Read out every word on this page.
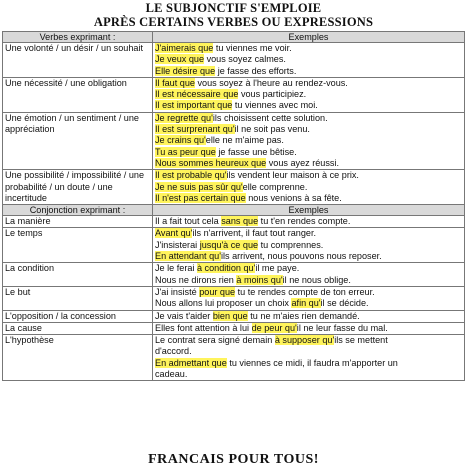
LE SUBJONCTIF S'EMPLOIE
APRÈS CERTAINS VERBES OU EXPRESSIONS
Verbes exprimant :	Exemples
Une volonté / un désir / un souhait	J'aimerais que tu viennes me voir.
Je veux que vous soyez calmes.
Elle désire que je fasse des efforts.

Une nécessité / une obligation	Il faut que vous soyez à l'heure au rendez-vous.
Il est nécessaire que vous participiez.
Il est important que tu viennes avec moi.

Une émotion / un sentiment / une appréciation	Je regrette qu'ils choisissent cette solution.
Il est surprenant qu'il ne soit pas venu.
Je crains qu'elle ne m'aime pas.
Tu as peur que je fasse une bêtise.
Nous sommes heureux que vous ayez réussi.

Une possibilité / impossibilité / une probabilité / un doute / une incertitude	Il est probable qu'ils vendent leur maison à ce prix.
Je ne suis pas sûr qu'elle comprenne.
Il n'est pas certain que nous venions à sa fête.

Conjonction exprimant :	Exemples
La manière	Il a fait tout cela sans que tu t'en rendes compte.

Le temps	Avant qu'ils n'arrivent, il faut tout ranger.
J'insisterai jusqu'à ce que tu comprennes.
En attendant qu'ils arrivent, nous pouvons nous reposer.

La condition	Je le ferai à condition qu'il me paye.
Nous ne dirons rien à moins qu'il ne nous oblige.

Le but	J'ai insisté pour que tu te rendes compte de ton erreur.
Nous allons lui proposer un choix afin qu'il se décide.

L'opposition / la concession	Je vais t'aider bien que tu ne m'aies rien demandé.

La cause	Elles font attention à lui de peur qu'il ne leur fasse du mal.

L'hypothèse	Le contrat sera signé demain à supposer qu'ils se mettent
d'accord.
En admettant que tu viennes ce midi, il faudra m'apporter un
cadeau.
FRANCAIS POUR TOUS!
